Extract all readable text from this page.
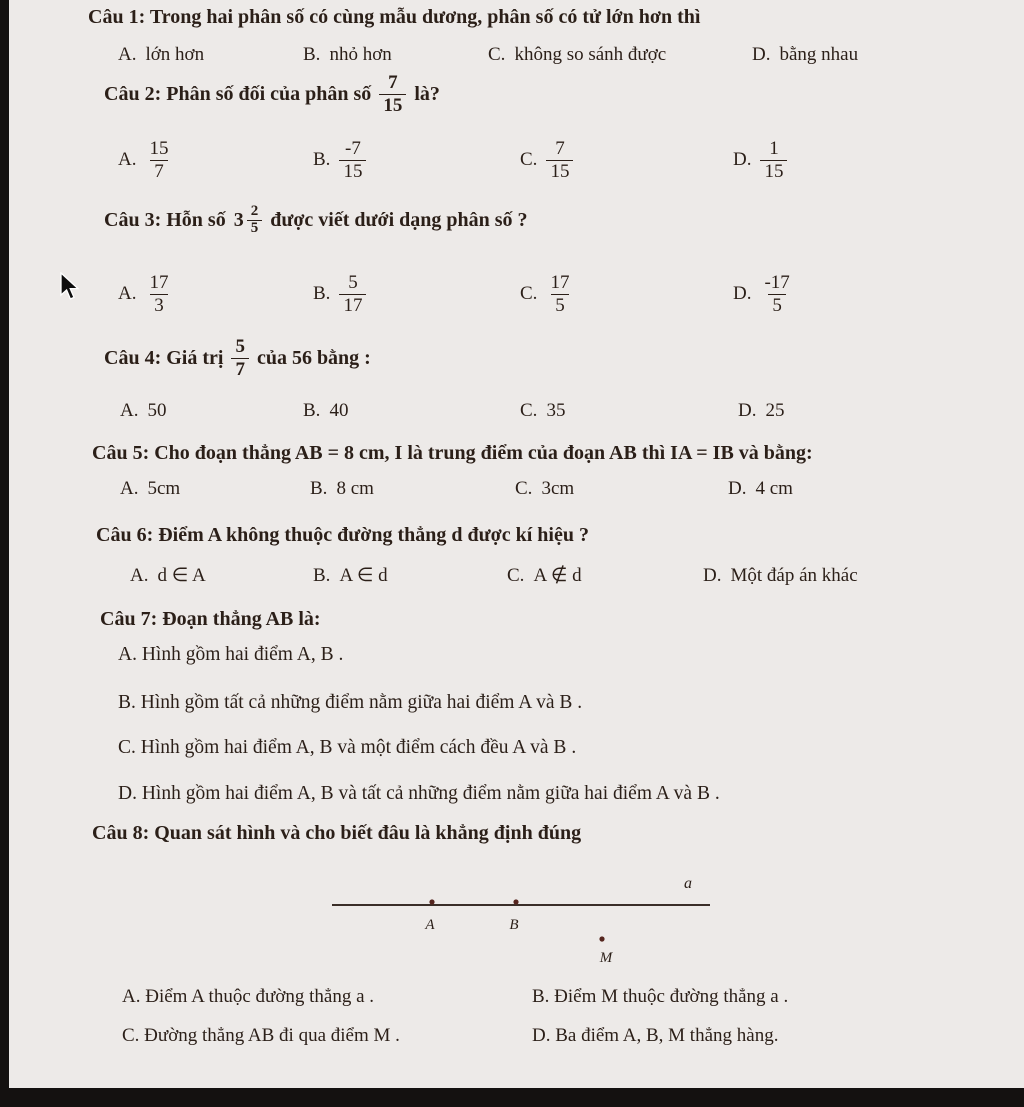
Câu 1: Trong hai phân số có cùng mẫu dương, phân số có tử lớn hơn thì
A. lớn hơn	B. nhỏ hơn	C. không so sánh được	D. bằng nhau
Câu 2: Phân số đối của phân số $\frac{7}{15}$ là?
A. $\frac{15}{7}$	B. $\frac{-7}{15}$	C. $\frac{7}{15}$	D. $\frac{1}{15}$
Câu 3: Hỗn số $3 \frac{2}{5}$ được viết dưới dạng phân số ?
A. $\frac{17}{3}$	B. $\frac{5}{17}$	C. $\frac{17}{5}$	D. $\frac{-17}{5}$
Câu 4: Giá trị $\frac{5}{7}$ của 56 bằng :
A. 50	B. 40	C. 35	D. 25
Câu 5: Cho đoạn thẳng AB = 8 cm, I là trung điểm của đoạn AB thì IA = IB và bằng:
A. 5cm	B. 8 cm	C. 3cm	D. 4 cm
Câu 6: Điểm A không thuộc đường thẳng d được kí hiệu ?
A. d ∈ A	B. A ∈ d	C. A ∉ d	D. Một đáp án khác
Câu 7: Đoạn thẳng AB là:
A. Hình gồm hai điểm A, B .
B. Hình gồm tất cả những điểm nằm giữa hai điểm A và B .
C. Hình gồm hai điểm A, B và một điểm cách đều A và B .
D. Hình gồm hai điểm A, B và tất cả những điểm nằm giữa hai điểm A và B .
Câu 8: Quan sát hình và cho biết đâu là khẳng định đúng
A	B
a
M
A. Điểm A thuộc đường thẳng a .	B. Điểm M thuộc đường thẳng a .
C. Đường thẳng AB đi qua điểm M .	D. Ba điểm A, B, M thẳng hàng.
